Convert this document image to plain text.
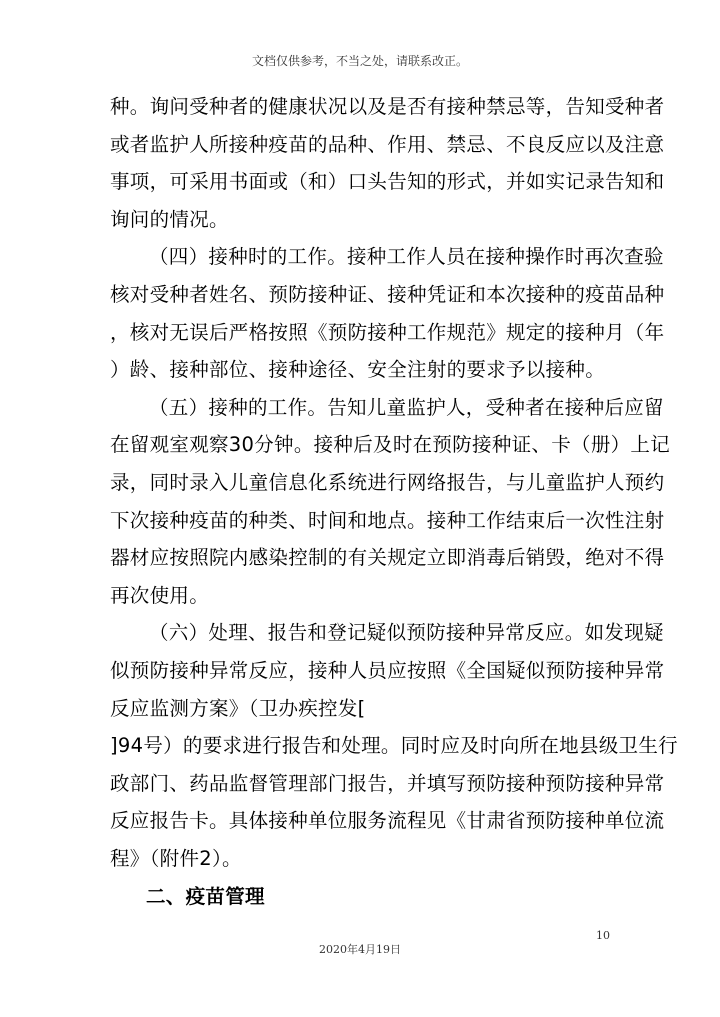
文档仅供参考，不当之处，请联系改正。
种。询问受种者的健康状况以及是否有接种禁忌等，告知受种者
或者监护人所接种疫苗的品种、作用、禁忌、不良反应以及注意
事项，可采用书面或（和）口头告知的形式，并如实记录告知和
询问的情况。
（四）接种时的工作。接种工作人员在接种操作时再次查验
核对受种者姓名、预防接种证、接种凭证和本次接种的疫苗品种
，核对无误后严格按照《预防接种工作规范》规定的接种月（年
）龄、接种部位、接种途径、安全注射的要求予以接种。
（五）接种的工作。告知儿童监护人，受种者在接种后应留
在留观室观察30分钟。接种后及时在预防接种证、卡（册）上记
录，同时录入儿童信息化系统进行网络报告，与儿童监护人预约
下次接种疫苗的种类、时间和地点。接种工作结束后一次性注射
器材应按照院内感染控制的有关规定立即消毒后销毁，绝对不得
再次使用。
（六）处理、报告和登记疑似预防接种异常反应。如发现疑
似预防接种异常反应，接种人员应按照《全国疑似预防接种异常
反应监测方案》（卫办疾控发[
]94号）的要求进行报告和处理。同时应及时向所在地县级卫生行
政部门、药品监督管理部门报告，并填写预防接种预防接种异常
反应报告卡。具体接种单位服务流程见《甘肃省预防接种单位流
程》（附件2）。
二、疫苗管理
10
2020年4月19日
